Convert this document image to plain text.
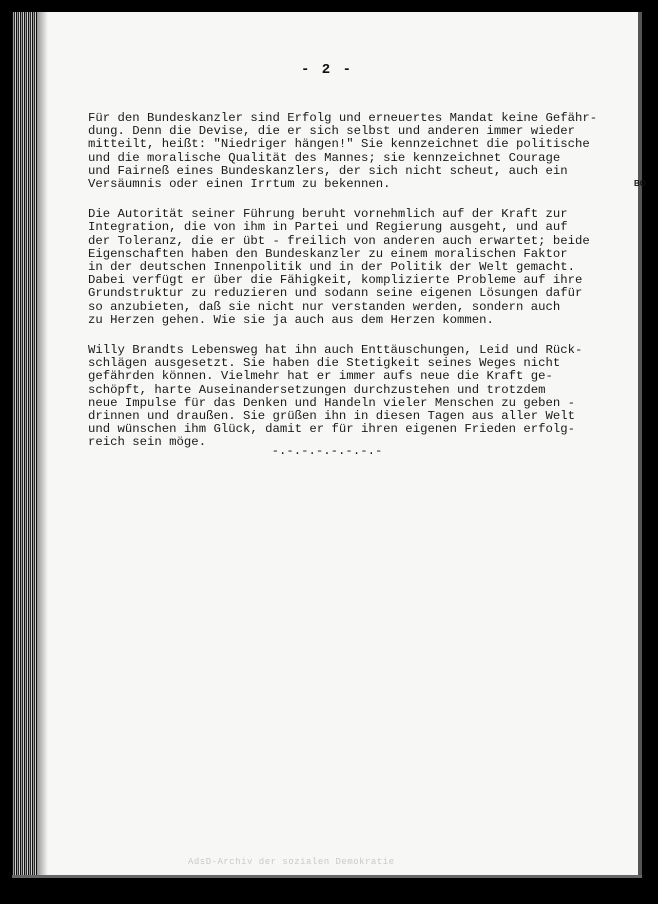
- 2 -
Für den Bundeskanzler sind Erfolg und erneuertes Mandat keine Gefähr-
dung. Denn die Devise, die er sich selbst und anderen immer wieder
mitteilt, heißt: "Niedriger hängen!" Sie kennzeichnet die politische
und die moralische Qualität des Mannes; sie kennzeichnet Courage
und Fairneß eines Bundeskanzlers, der sich nicht scheut, auch ein
Versäumnis oder einen Irrtum zu bekennen.
Die Autorität seiner Führung beruht vornehmlich auf der Kraft zur
Integration, die von ihm in Partei und Regierung ausgeht, und auf
der Toleranz, die er übt - freilich von anderen auch erwartet; beide
Eigenschaften haben den Bundeskanzler zu einem moralischen Faktor
in der deutschen Innenpolitik und in der Politik der Welt gemacht.
Dabei verfügt er über die Fähigkeit, komplizierte Probleme auf ihre
Grundstruktur zu reduzieren und sodann seine eigenen Lösungen dafür
so anzubieten, daß sie nicht nur verstanden werden, sondern auch
zu Herzen gehen. Wie sie ja auch aus dem Herzen kommen.
Willy Brandts Lebensweg hat ihn auch Enttäuschungen, Leid und Rück-
schlägen ausgesetzt. Sie haben die Stetigkeit seines Weges nicht
gefährden können. Vielmehr hat er immer aufs neue die Kraft ge-
schöpft, harte Auseinandersetzungen durchzustehen und trotzdem
neue Impulse für das Denken und Handeln vieler Menschen zu geben -
drinnen und draußen. Sie grüßen ihn in diesen Tagen aus aller Welt
und wünschen ihm Glück, damit er für ihren eigenen Frieden erfolg-
reich sein möge.
-.-.-.-.-.-.-.-
BO
AdsD-Archiv der sozialen Demokratie
